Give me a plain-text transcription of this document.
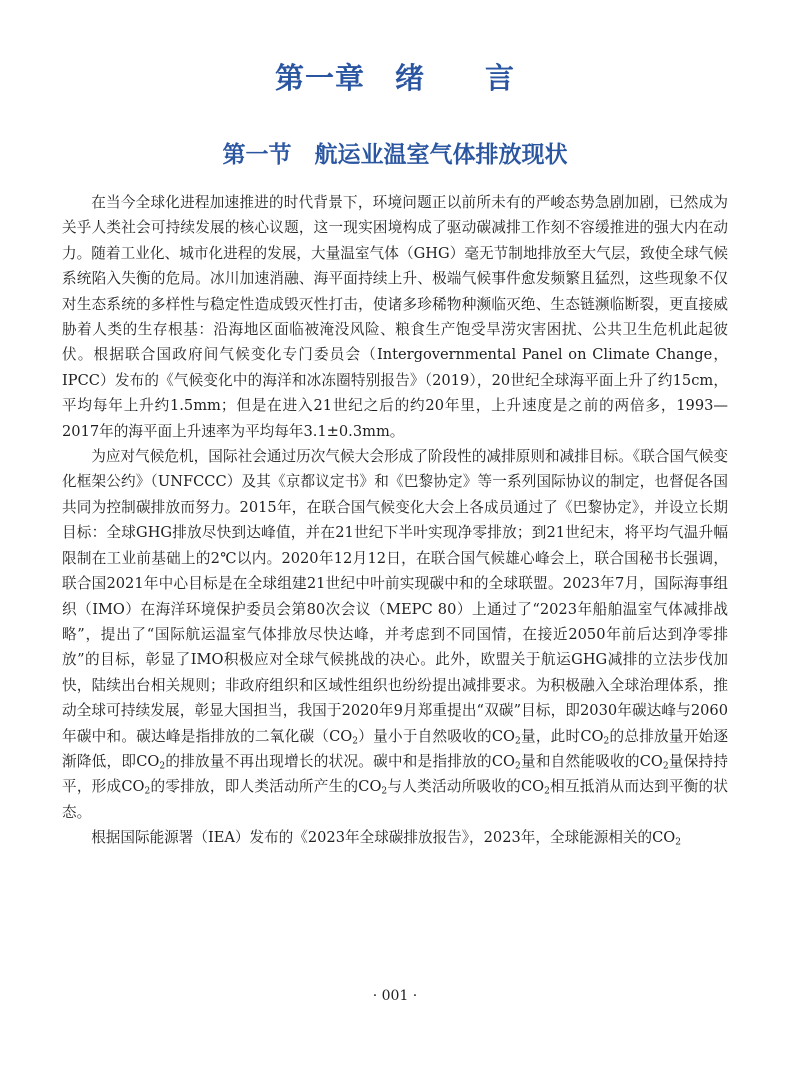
第一章　绪　　言
第一节　航运业温室气体排放现状

在当今全球化进程加速推进的时代背景下，环境问题正以前所未有的严峻态势急剧加剧，已然成为关乎人类社会可持续发展的核心议题，这一现实困境构成了驱动碳减排工作刻不容缓推进的强大内在动力。随着工业化、城市化进程的发展，大量温室气体（GHG）毫无节制地排放至大气层，致使全球气候系统陷入失衡的危局。冰川加速消融、海平面持续上升、极端气候事件愈发频繁且猛烈，这些现象不仅对生态系统的多样性与稳定性造成毁灭性打击，使诸多珍稀物种濒临灭绝、生态链濒临断裂，更直接威胁着人类的生存根基：沿海地区面临被淹没风险、粮食生产饱受旱涝灾害困扰、公共卫生危机此起彼伏。根据联合国政府间气候变化专门委员会（Intergovernmental Panel on Climate Change，IPCC）发布的《气候变化中的海洋和冰冻圈特别报告》（2019），20世纪全球海平面上升了约15cm，平均每年上升约1.5mm；但是在进入21世纪之后的约20年里，上升速度是之前的两倍多，1993—2017年的海平面上升速率为平均每年3.1±0.3mm。

为应对气候危机，国际社会通过历次气候大会形成了阶段性的减排原则和减排目标。《联合国气候变化框架公约》（UNFCCC）及其《京都议定书》和《巴黎协定》等一系列国际协议的制定，也督促各国共同为控制碳排放而努力。2015年，在联合国气候变化大会上各成员通过了《巴黎协定》，并设立长期目标：全球GHG排放尽快到达峰值，并在21世纪下半叶实现净零排放；到21世纪末，将平均气温升幅限制在工业前基础上的2℃以内。2020年12月12日，在联合国气候雄心峰会上，联合国秘书长强调，联合国2021年中心目标是在全球组建21世纪中叶前实现碳中和的全球联盟。2023年7月，国际海事组织（IMO）在海洋环境保护委员会第80次会议（MEPC 80）上通过了“2023年船舶温室气体减排战略”，提出了“国际航运温室气体排放尽快达峰，并考虑到不同国情，在接近2050年前后达到净零排放”的目标，彰显了IMO积极应对全球气候挑战的决心。此外，欧盟关于航运GHG减排的立法步伐加快，陆续出台相关规则；非政府组织和区域性组织也纷纷提出减排要求。为积极融入全球治理体系，推动全球可持续发展，彰显大国担当，我国于2020年9月郑重提出“双碳”目标，即2030年碳达峰与2060年碳中和。碳达峰是指排放的二氧化碳$(CO_2)$量小于自然吸收的$CO_2$量，此时$CO_2$的总排放量开始逐渐降低，即$CO_2$的排放量不再出现增长的状况。碳中和是指排放的$CO_2$量和自然能吸收的$CO_2$量保持持平，形成$CO_2$的零排放，即人类活动所产生的$CO_2$与人类活动所吸收的$CO_2$相互抵消从而达到平衡的状态。

根据国际能源署（IEA）发布的《2023年全球碳排放报告》，2023年，全球能源相关的$CO_2$

· 001 ·
